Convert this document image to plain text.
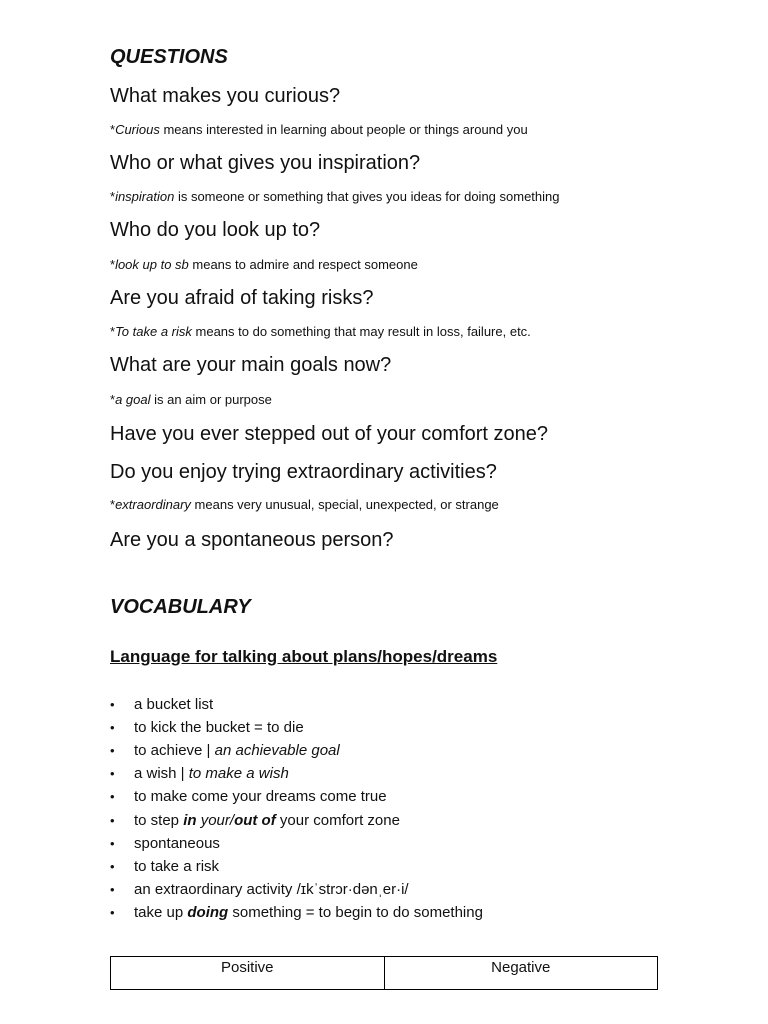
QUESTIONS
What makes you curious?
*Curious means interested in learning about people or things around you
Who or what gives you inspiration?
*inspiration is someone or something that gives you ideas for doing something
Who do you look up to?
*look up to sb means to admire and respect someone
Are you afraid of taking risks?
*To take a risk means to do something that may result in loss, failure, etc.
What are your main goals now?
*a goal is an aim or purpose
Have you ever stepped out of your comfort zone?
Do you enjoy trying extraordinary activities?
*extraordinary means very unusual, special, unexpected, or strange
Are you a spontaneous person?
VOCABULARY
Language for talking about plans/hopes/dreams
•	a bucket list
•	to kick the bucket = to die
•	to achieve | an achievable goal
•	a wish | to make a wish
•	to make come your dreams come true
•	to step in your/ out of your comfort zone
•	spontaneous
•	to take a risk
•	an extraordinary activity /ɪkˈstrɔr·dənˌer·i/
•	take up doing something = to begin to do something
Positive	Negative
